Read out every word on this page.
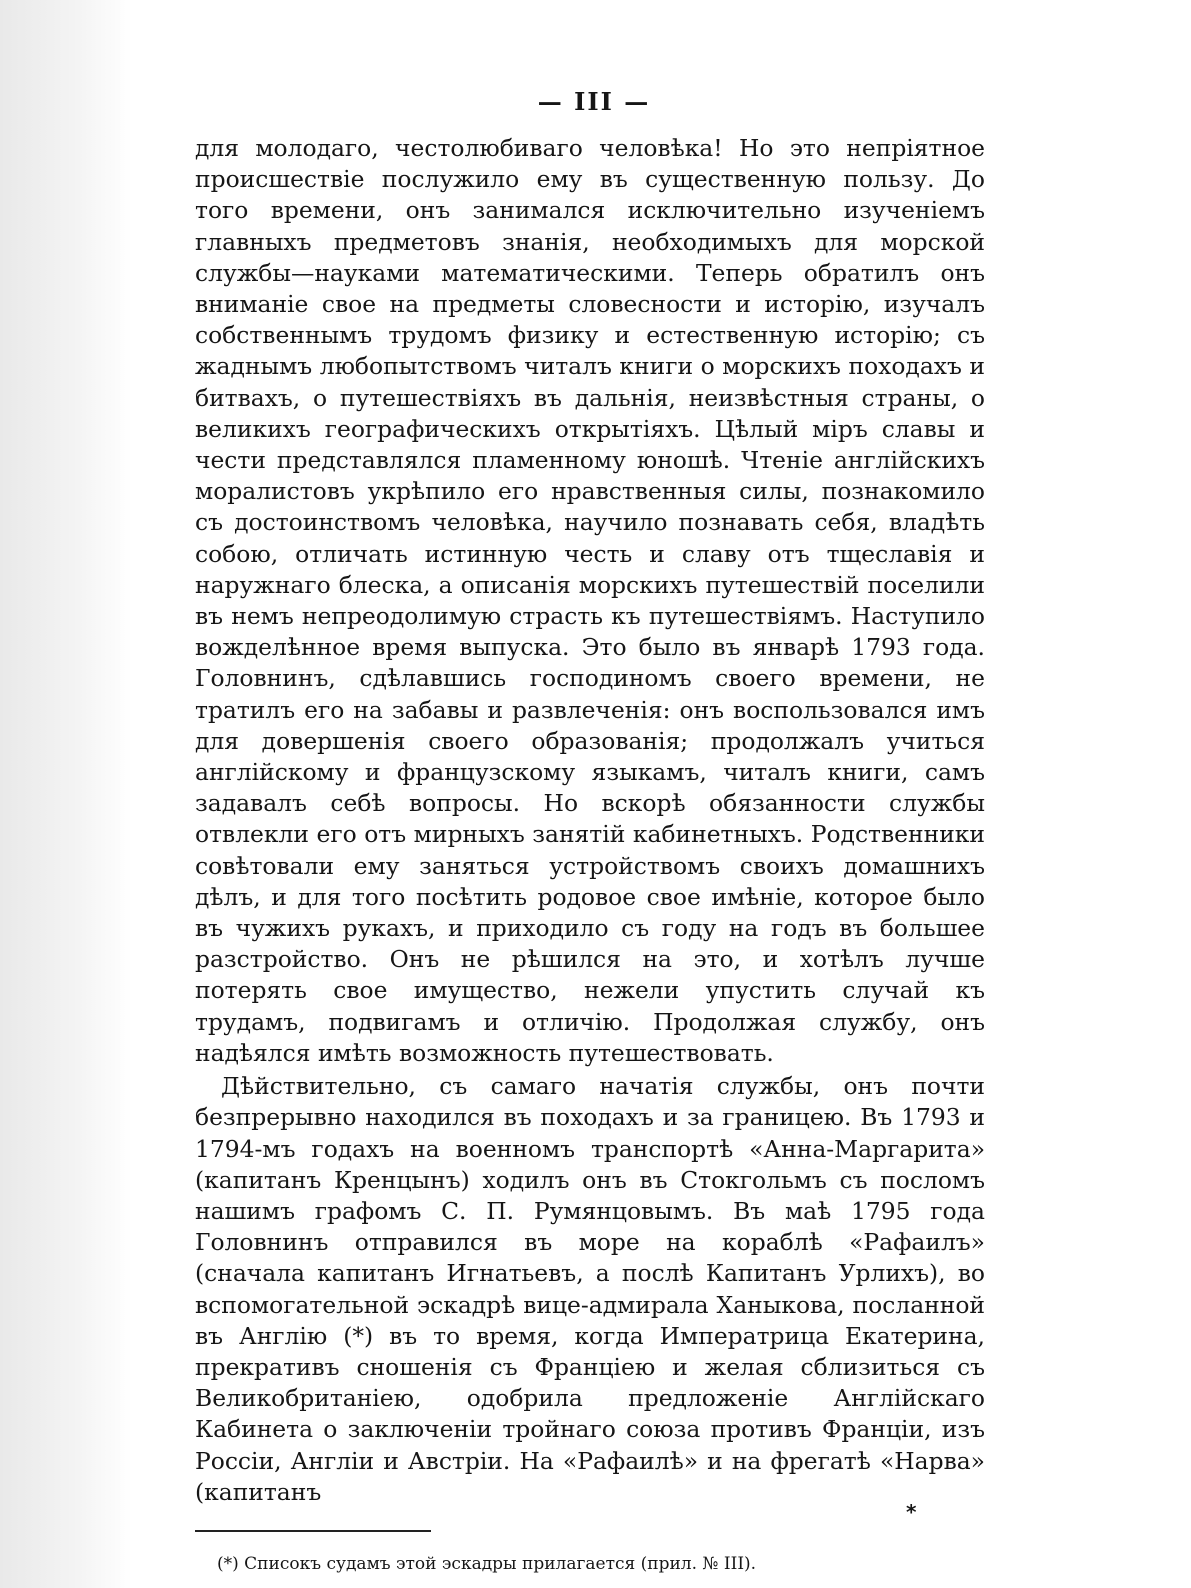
— III —

для молодаго, честолюбиваго человѣка! Но это непріятное происшествіе послужило ему въ существенную пользу. До того времени, онъ занимался исключительно изученіемъ главныхъ предметовъ знанія, необходимыхъ для морской службы—науками математическими. Теперь обратилъ онъ вниманіе свое на предметы словесности и исторію, изучалъ собственнымъ трудомъ физику и естественную исторію; съ жаднымъ любопытствомъ читалъ книги о морскихъ походахъ и битвахъ, о путешествіяхъ въ дальнія, неизвѣстныя страны, о великихъ географическихъ открытіяхъ. Цѣлый міръ славы и чести представлялся пламенному юношѣ. Чтеніе англійскихъ моралистовъ укрѣпило его нравственныя силы, познакомило съ достоинствомъ человѣка, научило познавать себя, владѣть собою, отличать истинную честь и славу отъ тщеславія и наружнаго блеска, а описанія морскихъ путешествій поселили въ немъ непреодолимую страсть къ путешествіямъ. Наступило вожделѣнное время выпуска. Это было въ январѣ 1793 года. Головнинъ, сдѣлавшись господиномъ своего времени, не тратилъ его на забавы и развлеченія: онъ воспользовался имъ для довершенія своего образованія; продолжалъ учиться англійскому и французскому языкамъ, читалъ книги, самъ задавалъ себѣ вопросы. Но вскорѣ обязанности службы отвлекли его отъ мирныхъ занятій кабинетныхъ. Родственники совѣтовали ему заняться устройствомъ своихъ домашнихъ дѣлъ, и для того посѣтить родовое свое имѣніе, которое было въ чужихъ рукахъ, и приходило съ году на годъ въ большее разстройство. Онъ не рѣшился на это, и хотѣлъ лучше потерять свое имущество, нежели упустить случай къ трудамъ, подвигамъ и отличію. Продолжая службу, онъ надѣялся имѣть возможность путешествовать.

Дѣйствительно, съ самаго начатія службы, онъ почти безпрерывно находился въ походахъ и за границею. Въ 1793 и 1794-мъ годахъ на военномъ транспортѣ «Анна-Маргарита» (капитанъ Кренцынъ) ходилъ онъ въ Стокгольмъ съ посломъ нашимъ графомъ С. П. Румянцовымъ. Въ маѣ 1795 года Головнинъ отправился въ море на кораблѣ «Рафаилъ» (сначала капитанъ Игнатьевъ, а послѣ Капитанъ Урлихъ), во вспомогательной эскадрѣ вице-адмирала Ханыкова, посланной въ Англію (*) въ то время, когда Императрица Екатерина, прекративъ сношенія съ Франціею и желая сблизиться съ Великобританіею, одобрила предложеніе Англійскаго Кабинета о заключеніи тройнаго союза противъ Франціи, изъ Россіи, Англіи и Австріи. На «Рафаилѣ» и на фрегатѣ «Нарва» (капитанъ

(*) Списокъ судамъ этой эскадры прилагается (прил. № III).
*
